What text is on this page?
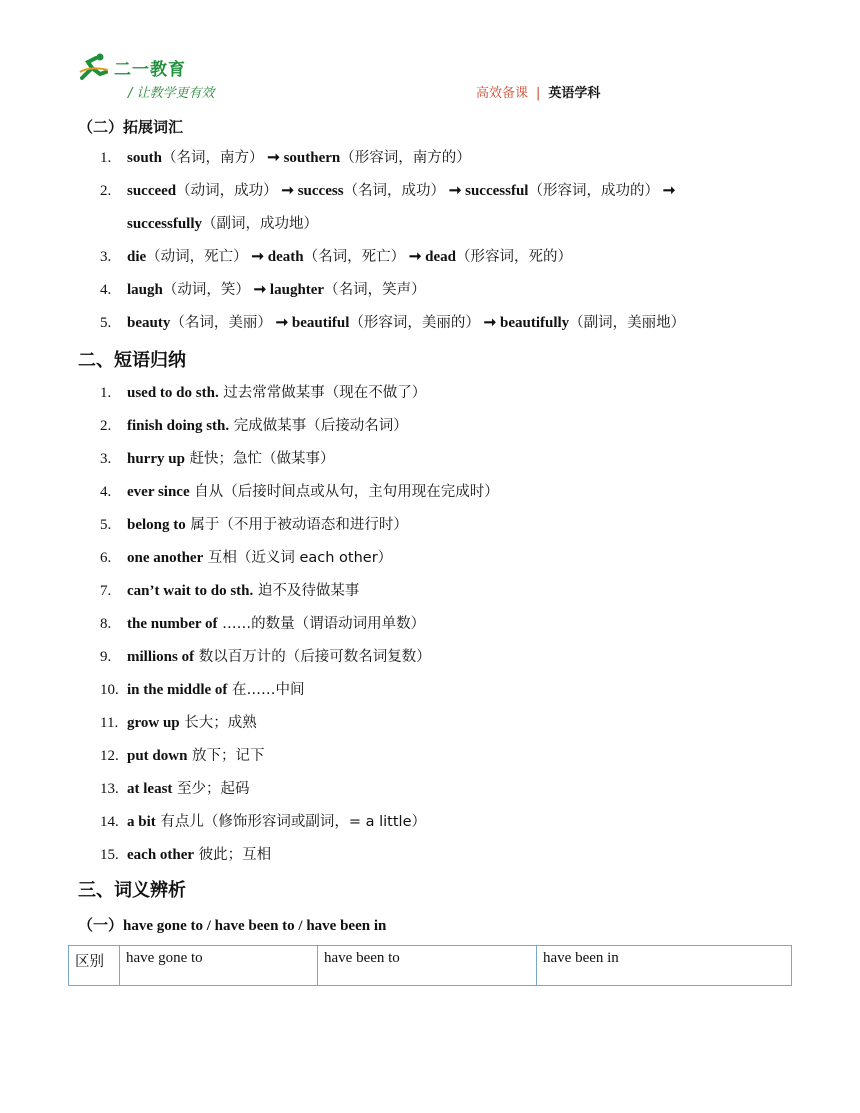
二一教育
/ 让教学更有效	高效备课 | 英语学科
（二）拓展词汇
1.	south（名词，南方） ➞ southern（形容词，南方的）
2.	succeed（动词，成功） ➞ success（名词，成功） ➞ successful（形容词，成功的） ➞
successfully（副词，成功地）
3.	die（动词，死亡） ➞ death（名词，死亡） ➞ dead（形容词，死的）
4.	laugh（动词，笑） ➞ laughter（名词，笑声）
5.	beauty（名词，美丽） ➞ beautiful（形容词，美丽的） ➞ beautifully（副词，美丽地）
二、短语归纳
1.	used to do sth. 过去常常做某事（现在不做了）
2.	finish doing sth. 完成做某事（后接动名词）
3.	hurry up 赶快；急忙（做某事）
4.	ever since 自从（后接时间点或从句，主句用现在完成时）
5.	belong to 属于（不用于被动语态和进行时）
6.	one another 互相（近义词 each other）
7.	can’t wait to do sth. 迫不及待做某事
8.	the number of ……的数量（谓语动词用单数）
9.	millions of 数以百万计的（后接可数名词复数）
10. in the middle of 在……中间
11. grow up 长大；成熟
12. put down 放下；记下
13. at least 至少；起码
14. a bit 有点儿（修饰形容词或副词，= a little）
15. each other 彼此；互相
三、词义辨析
（一）have gone to / have been to / have been in
区别	have gone to	have been to	have been in
